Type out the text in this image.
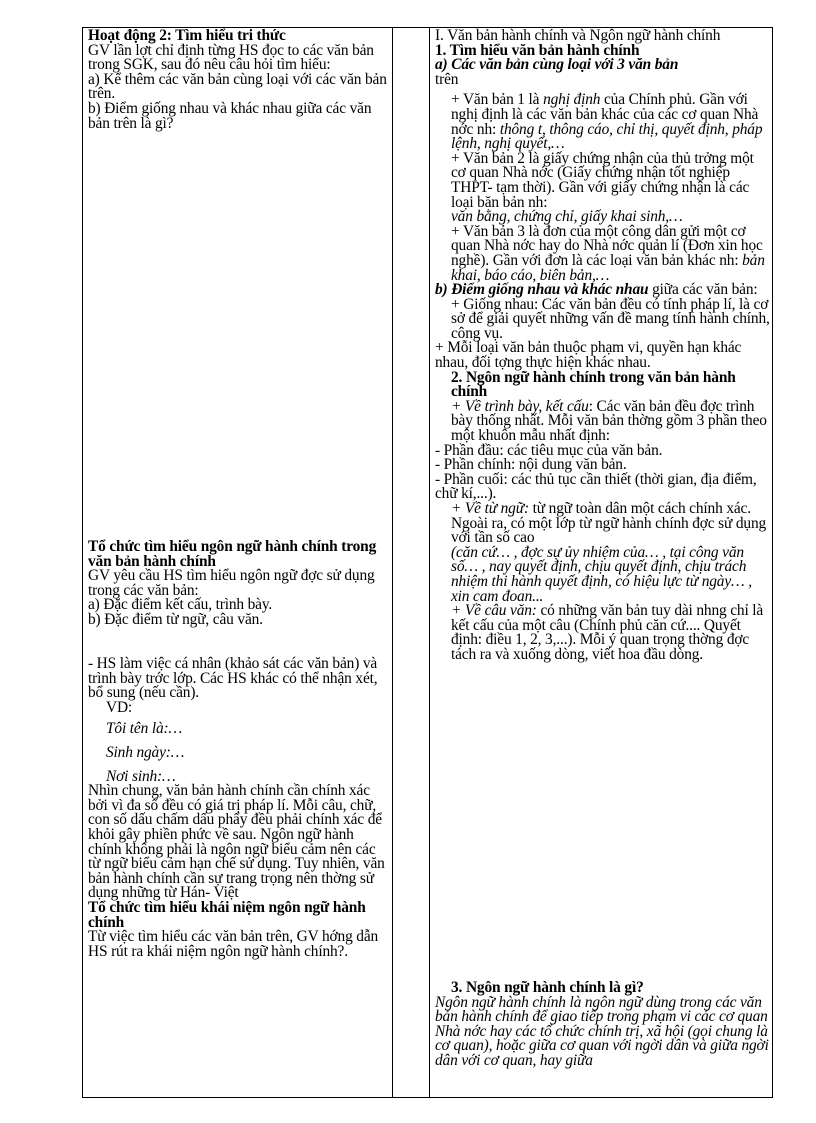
Hoạt động 2: Tìm hiểu tri thức

GV lần lợt chỉ định từng HS đọc to các văn bản trong SGK, sau đó nêu câu hỏi tìm hiểu:

a) Kể thêm các văn bản cùng loại với các văn bản trên.

b) Điểm giống nhau và khác nhau giữa các văn bản trên là gì?

Tổ chức tìm hiểu ngôn ngữ hành chính trong văn bản hành chính

GV yêu cầu HS tìm hiểu ngôn ngữ đợc sử dụng trong các văn bản:

a) Đặc điểm kết cấu, trình bày.

b) Đặc điểm từ ngữ, câu văn.

- HS làm việc cá nhân (khảo sát các văn bản) và trình bày trớc lớp. Các HS khác có thể nhận xét, bổ sung (nếu cần).

VD:

Tôi tên là:…

Sinh ngày:…

Nơi sinh:…

Nhìn chung, văn bản hành chính cần chính xác bởi vì đa số đều có giá trị pháp lí. Mỗi câu, chữ, con số dấu chấm dấu phẩy đều phải chính xác để khỏi gây phiền phức về sau. Ngôn ngữ hành chính không phải là ngôn ngữ biểu cảm nên các từ ngữ biểu cảm hạn chế sử dụng. Tuy nhiên, văn bản hành chính cần sự trang trọng nên thờng sử dụng những từ Hán- Việt

Tổ chức tìm hiểu khái niệm ngôn ngữ hành chính

Từ việc tìm hiểu các văn bản trên, GV hớng dẫn HS rút ra khái niệm ngôn ngữ hành chính?.

I. Văn bản hành chính và Ngôn ngữ hành chính

1. Tìm hiểu văn bản hành chính

a) Các văn bản cùng loại với 3 văn bản
trên

+ Văn bản 1 là nghị định của Chính phủ. Gần với nghị định là các văn bản khác của các cơ quan Nhà nớc nh: thông t, thông cáo, chỉ thị, quyết định, pháp lệnh, nghị quyết,…

+ Văn bản 2 là giấy chứng nhận của thủ trởng một cơ quan Nhà nớc (Giấy chứng nhận tốt nghiệp THPT- tạm thời). Gần với giấy chứng nhận là các loại băn bản nh:
văn bằng, chứng chỉ, giấy khai sinh,…

+ Văn bản 3 là đơn của một công dân gửi một cơ quan Nhà nớc hay do Nhà nớc quản lí (Đơn xin học nghề). Gần với đơn là các loại văn bản khác nh: bản khai, báo cáo, biên bản,…

b) Điểm giống nhau và khác nhau giữa các văn bản:

+ Giống nhau: Các văn bản đều có tính pháp lí, là cơ sở để giải quyết những vấn đề mang tính hành chính, công vụ.

+ Mỗi loại văn bản thuộc phạm vi, quyền hạn khác nhau, đối tợng thực hiện khác nhau.

2. Ngôn ngữ hành chính trong văn bản hành chính

+ Về trình bày, kết cấu: Các văn bản đều đợc trình bày thống nhất. Mỗi văn bản thờng gồm 3 phần theo một khuôn mẫu nhất định:

- Phần đầu: các tiêu mục của văn bản.

- Phần chính: nội dung văn bản.

- Phần cuối: các thủ tục cần thiết (thời gian, địa điểm, chữ kí,...).

+ Về từ ngữ: từ ngữ toàn dân một cách chính xác. Ngoài ra, có một lớp từ ngữ hành chính đợc sử dụng với tần số cao
(căn cứ… , đợc sự ủy nhiệm của… , tại công văn số… , nay quyết định, chịu quyết định, chịu trách nhiệm thi hành quyết định, có hiệu lực từ ngày… , xin cam đoan...

+ Về câu văn: có những văn bản tuy dài nhng chỉ là kết cấu của một câu (Chính phủ căn cứ.... Quyết định: điều 1, 2, 3,...). Mỗi ý quan trọng thờng đợc tách ra và xuống dòng, viết hoa đầu dòng.

3. Ngôn ngữ hành chính là gì?

Ngôn ngữ hành chính là ngôn ngữ dùng trong các văn bản hành chính để giao tiếp trong phạm vi các cơ quan Nhà nớc hay các tổ chức chính trị, xã hội (gọi chung là cơ quan), hoặc giữa cơ quan với ngời dân và giữa ngời dân với cơ quan, hay giữa
